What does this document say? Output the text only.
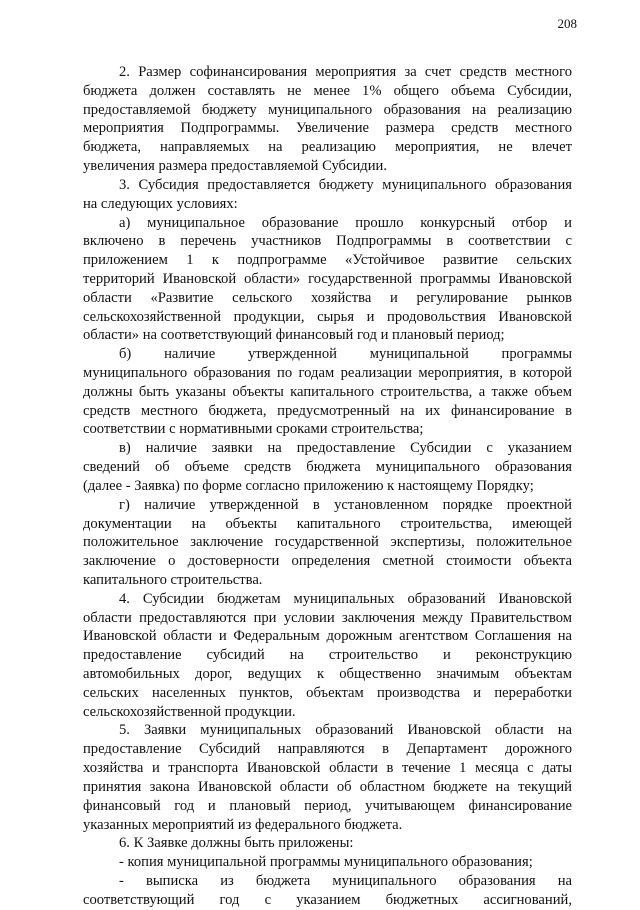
208
2. Размер софинансирования мероприятия за счет средств местного
бюджета должен составлять не менее 1% общего объема Субсидии,
предоставляемой бюджету муниципального образования на реализацию
мероприятия Подпрограммы. Увеличение размера средств местного
бюджета, направляемых на реализацию мероприятия, не влечет
увеличения размера предоставляемой Субсидии.
3. Субсидия предоставляется бюджету муниципального образования
на следующих условиях:
а) муниципальное образование прошло конкурсный отбор и
включено в перечень участников Подпрограммы в соответствии с
приложением 1 к подпрограмме «Устойчивое развитие сельских
территорий Ивановской области» государственной программы Ивановской
области «Развитие сельского хозяйства и регулирование рынков
сельскохозяйственной продукции, сырья и продовольствия Ивановской
области» на соответствующий финансовый год и плановый период;
б) наличие утвержденной муниципальной программы
муниципального образования по годам реализации мероприятия, в которой
должны быть указаны объекты капитального строительства, а также объем
средств местного бюджета, предусмотренный на их финансирование в
соответствии с нормативными сроками строительства;
в) наличие заявки на предоставление Субсидии с указанием
сведений об объеме средств бюджета муниципального образования
(далее - Заявка) по форме согласно приложению к настоящему Порядку;
г) наличие утвержденной в установленном порядке проектной
документации на объекты капитального строительства, имеющей
положительное заключение государственной экспертизы, положительное
заключение о достоверности определения сметной стоимости объекта
капитального строительства.
4. Субсидии бюджетам муниципальных образований Ивановской
области предоставляются при условии заключения между Правительством
Ивановской области и Федеральным дорожным агентством Соглашения на
предоставление субсидий на строительство и реконструкцию
автомобильных дорог, ведущих к общественно значимым объектам
сельских населенных пунктов, объектам производства и переработки
сельскохозяйственной продукции.
5. Заявки муниципальных образований Ивановской области на
предоставление Субсидий направляются в Департамент дорожного
хозяйства и транспорта Ивановской области в течение 1 месяца с даты
принятия закона Ивановской области об областном бюджете на текущий
финансовый год и плановый период, учитывающем финансирование
указанных мероприятий из федерального бюджета.
6. К Заявке должны быть приложены:
- копия муниципальной программы муниципального образования;
- выписка из бюджета муниципального образования на
соответствующий год с указанием бюджетных ассигнований,
